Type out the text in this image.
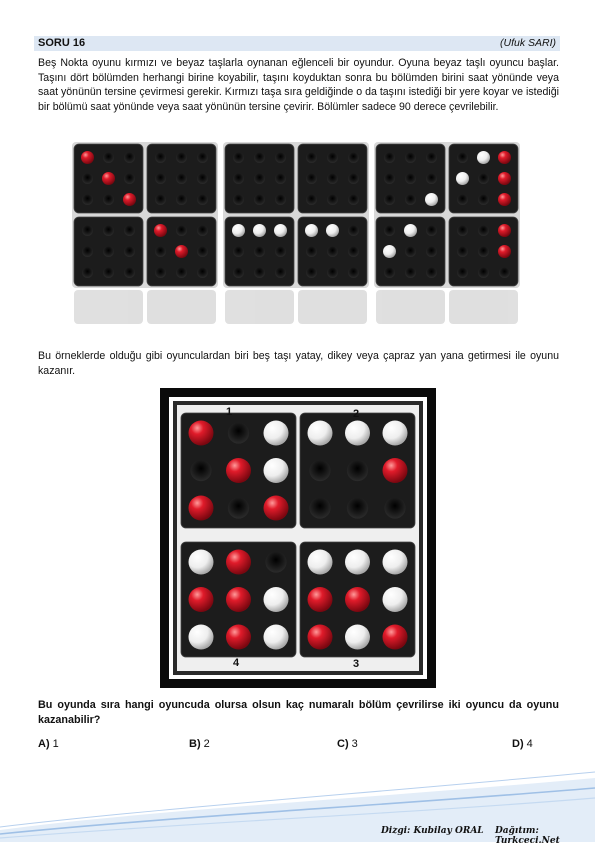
SORU 16	(Ufuk SARI)

Beş Nokta oyunu kırmızı ve beyaz taşlarla oynanan eğlenceli bir oyundur. Oyuna beyaz taşlı oyuncu başlar. Taşını dört bölümden herhangi birine koyabilir, taşını koyduktan sonra bu bölümden birini saat yönünde veya saat yönünün tersine çevirmesi gerekir. Kırmızı taşa sıra geldiğinde o da taşını istediği bir yere koyar ve istediği bir bölümü saat yönünde veya saat yönünün tersine çevirir. Bölümler sadece 90 derece çevrilebilir.

Bu örneklerde olduğu gibi oyunculardan biri beş taşı yatay, dikey veya çapraz yan yana getirmesi ile oyunu kazanır.

1	2
3
4

Bu oyunda sıra hangi oyuncuda olursa olsun kaç numaralı bölüm çevrilirse iki oyuncu da oyunu kazanabilir?

A) 1	B) 2	C) 3	D) 4
Dizgi: Kubilay ORAL Dağıtım: Turkceci.Net
